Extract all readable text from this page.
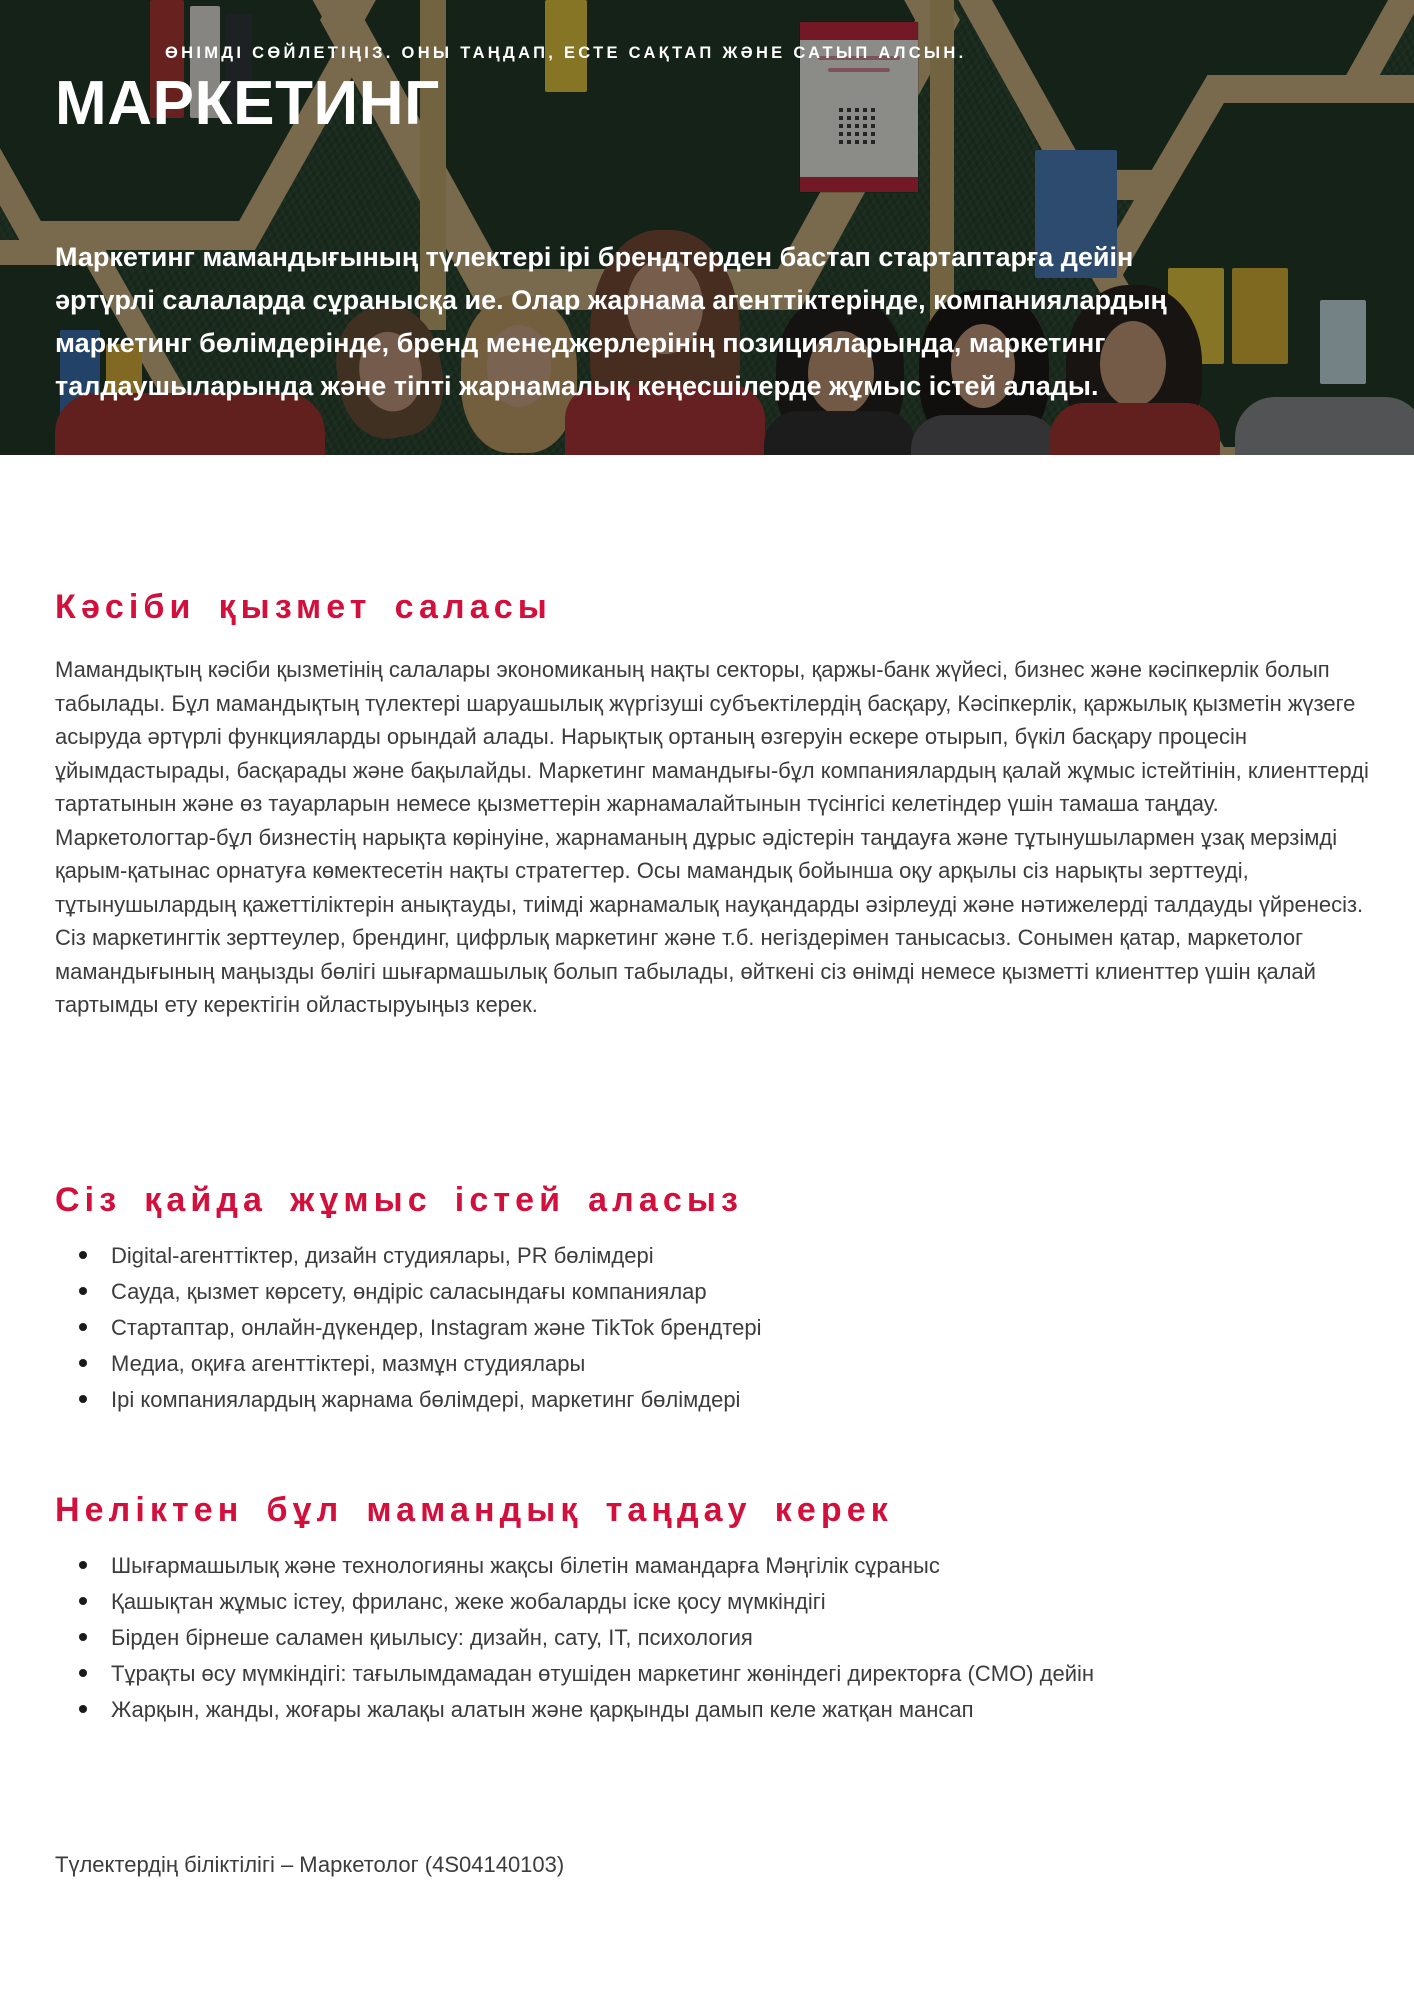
ӨНІМДІ СӨЙЛЕТІҢІЗ. ОНЫ ТАҢДАП, ЕСТЕ САҚТАП ЖӘНЕ САТЫП АЛСЫН.
МАРКЕТИНГ
Маркетинг мамандығының түлектері ірі брендтерден бастап стартаптарға дейін әртүрлі салаларда сұранысқа ие. Олар жарнама агенттіктерінде, компаниялардың маркетинг бөлімдерінде, бренд менеджерлерінің позицияларында, маркетинг талдаушыларында және тіпті жарнамалық кеңесшілерде жұмыс істей алады.
Кәсіби қызмет саласы
Мамандықтың кәсіби қызметінің салалары экономиканың нақты секторы, қаржы-банк жүйесі, бизнес және кәсіпкерлік болып табылады. Бұл мамандықтың түлектері шаруашылық жүргізуші субъектілердің басқару, Кәсіпкерлік, қаржылық қызметін жүзеге асыруда әртүрлі функцияларды орындай алады. Нарықтық ортаның өзгеруін ескере отырып, бүкіл басқару процесін ұйымдастырады, басқарады және бақылайды. Маркетинг мамандығы-бұл компаниялардың қалай жұмыс істейтінін, клиенттерді тартатынын және өз тауарларын немесе қызметтерін жарнамалайтынын түсінгісі келетіндер үшін тамаша таңдау. Маркетологтар-бұл бизнестің нарықта көрінуіне, жарнаманың дұрыс әдістерін таңдауға және тұтынушылармен ұзақ мерзімді қарым-қатынас орнатуға көмектесетін нақты стратегтер. Осы мамандық бойынша оқу арқылы сіз нарықты зерттеуді, тұтынушылардың қажеттіліктерін анықтауды, тиімді жарнамалық науқандарды әзірлеуді және нәтижелерді талдауды үйренесіз. Сіз маркетингтік зерттеулер, брендинг, цифрлық маркетинг және т.б. негіздерімен танысасыз. Сонымен қатар, маркетолог мамандығының маңызды бөлігі шығармашылық болып табылады, өйткені сіз өнімді немесе қызметті клиенттер үшін қалай тартымды ету керектігін ойластыруыңыз керек.
Сіз қайда жұмыс істей аласыз
Digital-агенттіктер, дизайн студиялары, PR бөлімдері
Сауда, қызмет көрсету, өндіріс саласындағы компаниялар
Стартаптар, онлайн-дүкендер, Instagram және TikTok брендтері
Медиа, оқиға агенттіктері, мазмұн студиялары
Ірі компаниялардың жарнама бөлімдері, маркетинг бөлімдері
Неліктен бұл мамандық таңдау керек
Шығармашылық және технологияны жақсы білетін мамандарға Мәңгілік сұраныс
Қашықтан жұмыс істеу, фриланс, жеке жобаларды іске қосу мүмкіндігі
Бірден бірнеше саламен қиылысу: дизайн, сату, IT, психология
Тұрақты өсу мүмкіндігі: тағылымдамадан өтушіден маркетинг жөніндегі директорға (CMO) дейін
Жарқын, жанды, жоғары жалақы алатын және қарқынды дамып келе жатқан мансап
Түлектердің біліктілігі – Маркетолог (4S04140103)
